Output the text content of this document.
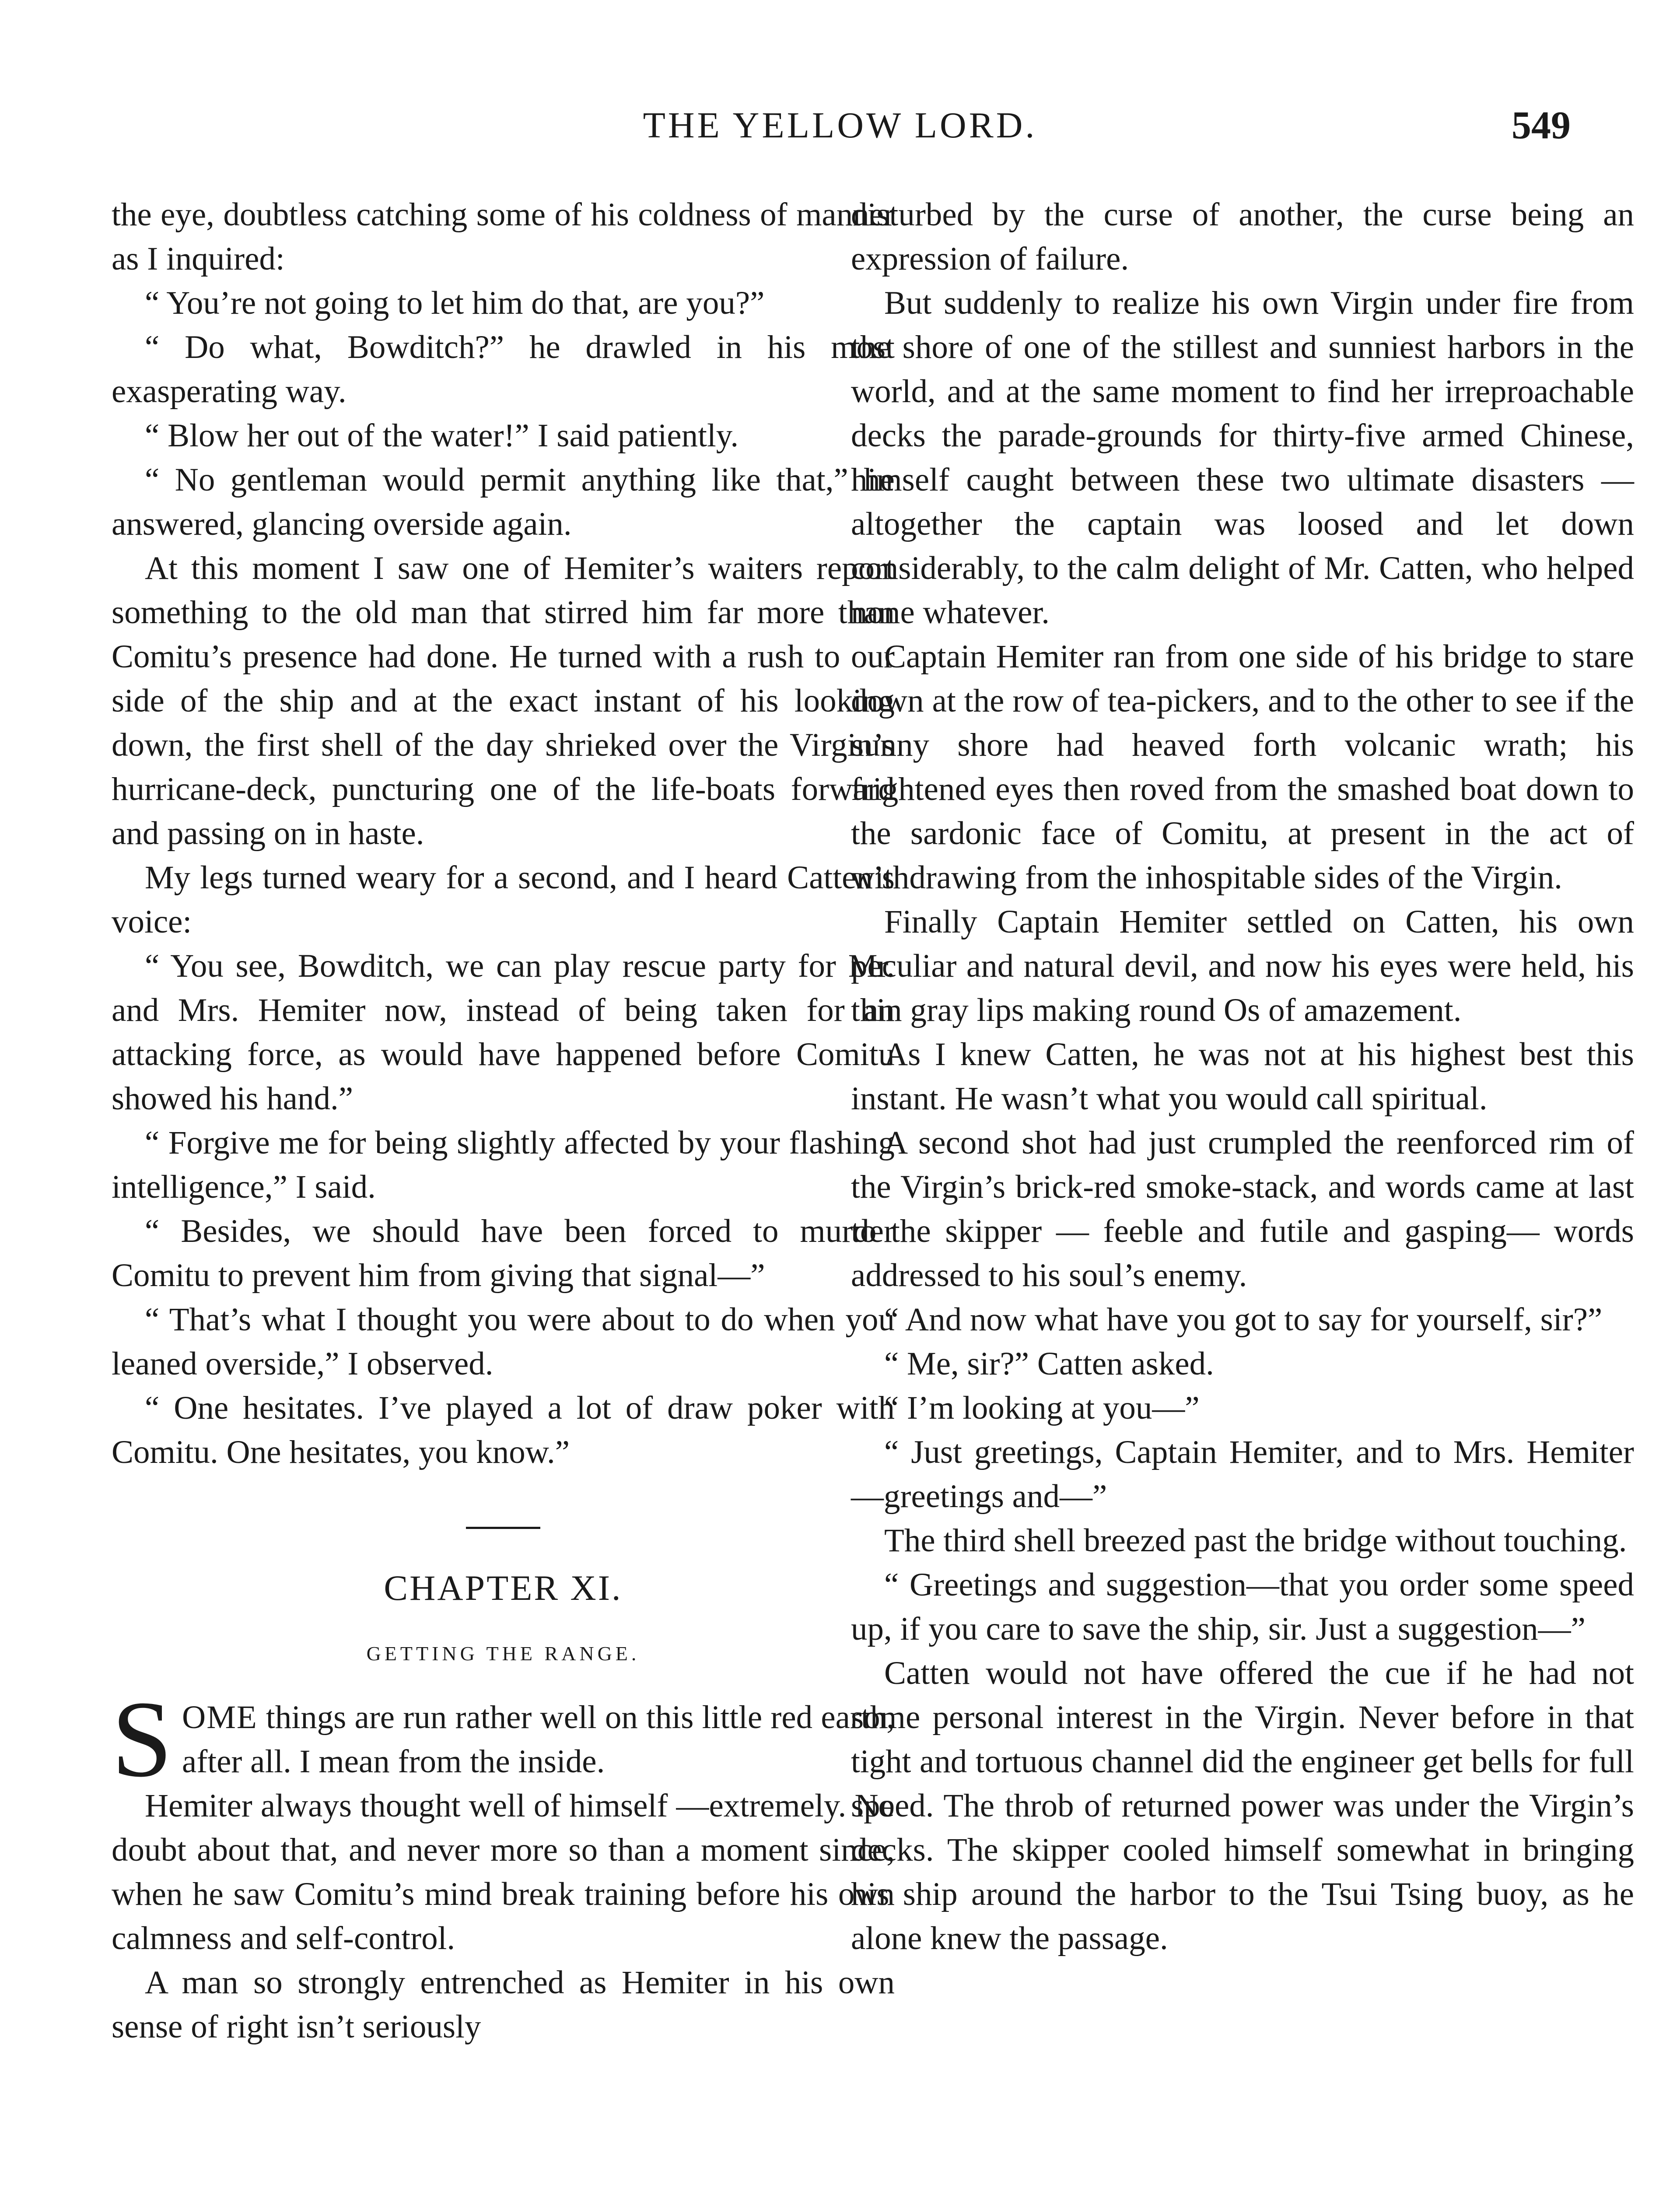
THE YELLOW LORD.	549

the eye, doubtless catching some of his coldness of manner as I inquired:

“ You’re not going to let him do that, are you?”

“ Do what, Bowditch?” he drawled in his most exasperating way.

“ Blow her out of the water!” I said patiently.

“ No gentleman would permit anything like that,” he answered, glancing overside again.

At this moment I saw one of Hemiter’s waiters report something to the old man that stirred him far more than Comitu’s presence had done. He turned with a rush to our side of the ship and at the exact instant of his looking down, the first shell of the day shrieked over the Virgin’s hurricane-deck, puncturing one of the life-boats forward and passing on in haste.

My legs turned weary for a second, and I heard Catten’s voice:

“ You see, Bowditch, we can play rescue party for Mr. and Mrs. Hemiter now, instead of being taken for an attacking force, as would have happened before Comitu showed his hand.”

“ Forgive me for being slightly affected by your flashing intelligence,” I said.

“ Besides, we should have been forced to murder Comitu to prevent him from giving that signal—”

“ That’s what I thought you were about to do when you leaned overside,” I observed.

“ One hesitates. I’ve played a lot of draw poker with Comitu. One hesitates, you know.”

CHAPTER XI.
GETTING THE RANGE.

SOME things are run rather well on this little red earth, after all. I mean from the inside.

Hemiter always thought well of himself —extremely. No doubt about that, and never more so than a moment since, when he saw Comitu’s mind break training before his own calmness and self-control.

A man so strongly entrenched as Hemiter in his own sense of right isn’t seriously

disturbed by the curse of another, the curse being an expression of failure.

But suddenly to realize his own Virgin under fire from the shore of one of the stillest and sunniest harbors in the world, and at the same moment to find her irreproachable decks the parade-grounds for thirty-five armed Chinese, himself caught between these two ultimate disasters — altogether the captain was loosed and let down considerably, to the calm delight of Mr. Catten, who helped none whatever.

Captain Hemiter ran from one side of his bridge to stare down at the row of tea-pickers, and to the other to see if the sunny shore had heaved forth volcanic wrath; his frightened eyes then roved from the smashed boat down to the sardonic face of Comitu, at present in the act of withdrawing from the inhospitable sides of the Virgin.

Finally Captain Hemiter settled on Catten, his own peculiar and natural devil, and now his eyes were held, his thin gray lips making round Os of amazement.

As I knew Catten, he was not at his highest best this instant. He wasn’t what you would call spiritual.

A second shot had just crumpled the reenforced rim of the Virgin’s brick-red smoke-stack, and words came at last to the skipper — feeble and futile and gasping— words addressed to his soul’s enemy.

“ And now what have you got to say for yourself, sir?”

“ Me, sir?” Catten asked.

“ I’m looking at you—”

“ Just greetings, Captain Hemiter, and to Mrs. Hemiter—greetings and—”

The third shell breezed past the bridge without touching.

“ Greetings and suggestion—that you order some speed up, if you care to save the ship, sir. Just a suggestion—”

Catten would not have offered the cue if he had not some personal interest in the Virgin. Never before in that tight and tortuous channel did the engineer get bells for full speed. The throb of returned power was under the Virgin’s decks. The skipper cooled himself somewhat in bringing his ship around the harbor to the Tsui Tsing buoy, as he alone knew the passage.
